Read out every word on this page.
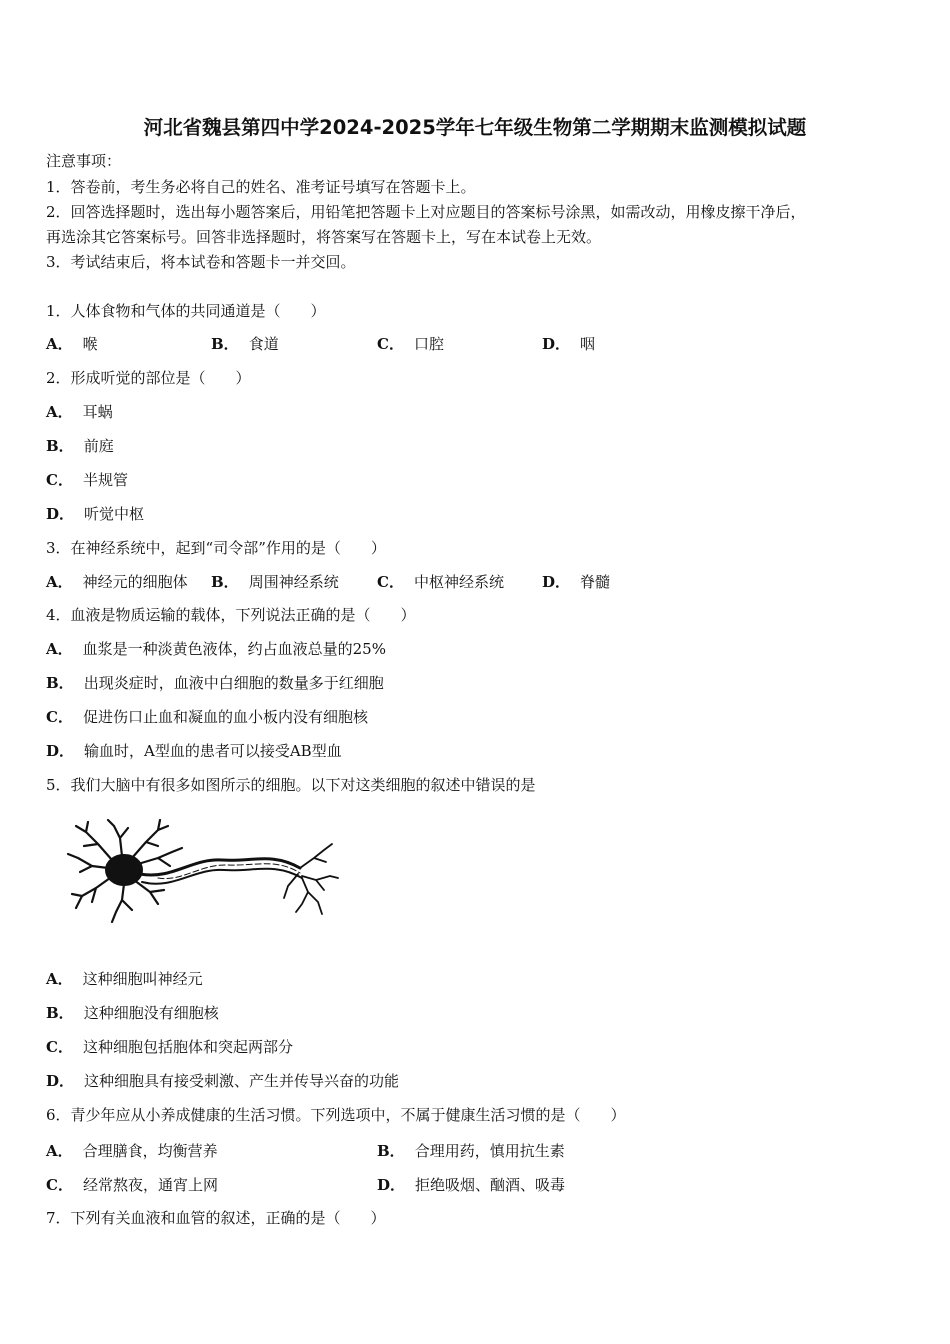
河北省魏县第四中学2024-2025学年七年级生物第二学期期末监测模拟试题
注意事项：
1．答卷前，考生务必将自己的姓名、准考证号填写在答题卡上。
2．回答选择题时，选出每小题答案后，用铅笔把答题卡上对应题目的答案标号涂黑，如需改动，用橡皮擦干净后，
再选涂其它答案标号。回答非选择题时，将答案写在答题卡上，写在本试卷上无效。
3．考试结束后，将本试卷和答题卡一并交回。
1．人体食物和气体的共同通道是（　　）
A． 喉	B． 食道	C． 口腔	D． 咽
2．形成听觉的部位是（　　）
A． 耳蜗
B． 前庭
C． 半规管
D． 听觉中枢
3．在神经系统中，起到“司令部”作用的是（　　）
A． 神经元的细胞体 B． 周围神经系统	C． 中枢神经系统	D． 脊髓
4．血液是物质运输的载体，下列说法正确的是（　　）
A． 血浆是一种淡黄色液体，约占血液总量的25%
B． 出现炎症时，血液中白细胞的数量多于红细胞
C． 促进伤口止血和凝血的血小板内没有细胞核
D． 输血时，A型血的患者可以接受AB型血
5．我们大脑中有很多如图所示的细胞。以下对这类细胞的叙述中错误的是
A． 这种细胞叫神经元
B． 这种细胞没有细胞核
C． 这种细胞包括胞体和突起两部分
D． 这种细胞具有接受刺激、产生并传导兴奋的功能
6．青少年应从小养成健康的生活习惯。下列选项中，不属于健康生活习惯的是（　　）
A． 合理膳食，均衡营养	B． 合理用药，慎用抗生素
C． 经常熬夜，通宵上网	D． 拒绝吸烟、酗酒、吸毒
7．下列有关血液和血管的叙述，正确的是（　　）
